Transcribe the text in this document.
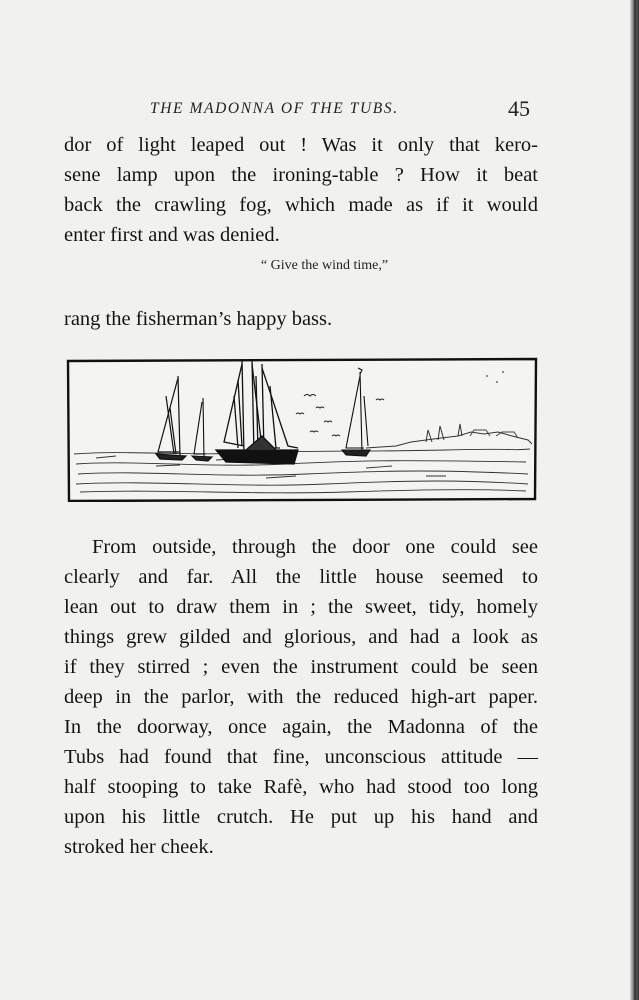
THE MADONNA OF THE TUBS.	45
dor of light leaped out ! Was it only that kero-
sene lamp upon the ironing-table ? How it beat
back the crawling fog, which made as if it would
enter first and was denied.
“ Give the wind time,”
rang the fisherman’s happy bass.
From outside, through the door one could see
clearly and far. All the little house seemed to
lean out to draw them in ; the sweet, tidy, homely
things grew gilded and glorious, and had a look as
if they stirred ; even the instrument could be seen
deep in the parlor, with the reduced high-art paper.
In the doorway, once again, the Madonna of the
Tubs had found that fine, unconscious attitude —
half stooping to take Rafè, who had stood too long
upon his little crutch. He put up his hand and
stroked her cheek.
